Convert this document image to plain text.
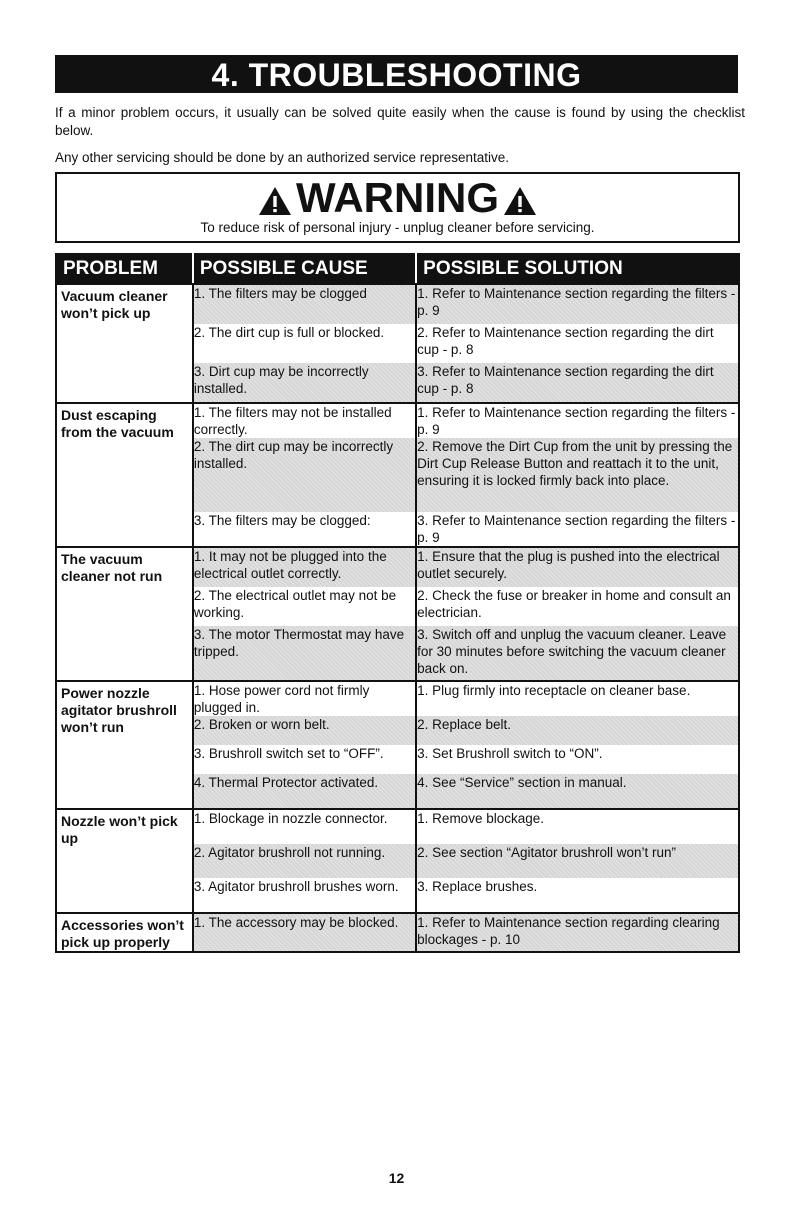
4. TROUBLESHOOTING
If a minor problem occurs, it usually can be solved quite easily when the cause is found by using the checklist below.
Any other servicing should be done by an authorized service representative.
WARNING
To reduce risk of personal injury - unplug cleaner before servicing.
PROBLEM	POSSIBLE CAUSE	POSSIBLE SOLUTION
Vacuum cleaner won’t pick up	1. The filters may be clogged	1. Refer to Maintenance section regarding the filters - p. 9
	2. The dirt cup is full or blocked.	2. Refer to Maintenance section regarding the dirt cup - p. 8
	3. Dirt cup may be incorrectly installed.	3. Refer to Maintenance section regarding the dirt cup - p. 8
Dust escaping from the vacuum	1. The filters may not be installed correctly.	1. Refer to Maintenance section regarding the filters - p. 9
	2. The dirt cup may be incorrectly installed.	2. Remove the Dirt Cup from the unit by pressing the Dirt Cup Release Button and reattach it to the unit, ensuring it is locked firmly back into place.
	3. The filters may be clogged:	3. Refer to Maintenance section regarding the filters - p. 9
The vacuum cleaner not run	1. It may not be plugged into the electrical outlet correctly.	1. Ensure that the plug is pushed into the electrical outlet securely.
	2. The electrical outlet may not be working.	2. Check the fuse or breaker in home and consult an electrician.
	3. The motor Thermostat may have tripped.	3. Switch off and unplug the vacuum cleaner. Leave for 30 minutes before switching the vacuum cleaner back on.
Power nozzle agitator brushroll won’t run	1. Hose power cord not firmly plugged in.	1. Plug firmly into receptacle on cleaner base.
	2. Broken or worn belt.	2. Replace belt.
	3. Brushroll switch set to “OFF”.	3. Set Brushroll switch to “ON”.
	4. Thermal Protector activated.	4. See “Service” section in manual.
Nozzle won’t pick up	1. Blockage in nozzle connector.	1. Remove blockage.
	2. Agitator brushroll not running.	2. See section “Agitator brushroll won’t run”
	3. Agitator brushroll brushes worn.	3. Replace brushes.
Accessories won’t pick up properly	1. The accessory may be blocked.	1. Refer to Maintenance section regarding clearing blockages - p. 10
12
